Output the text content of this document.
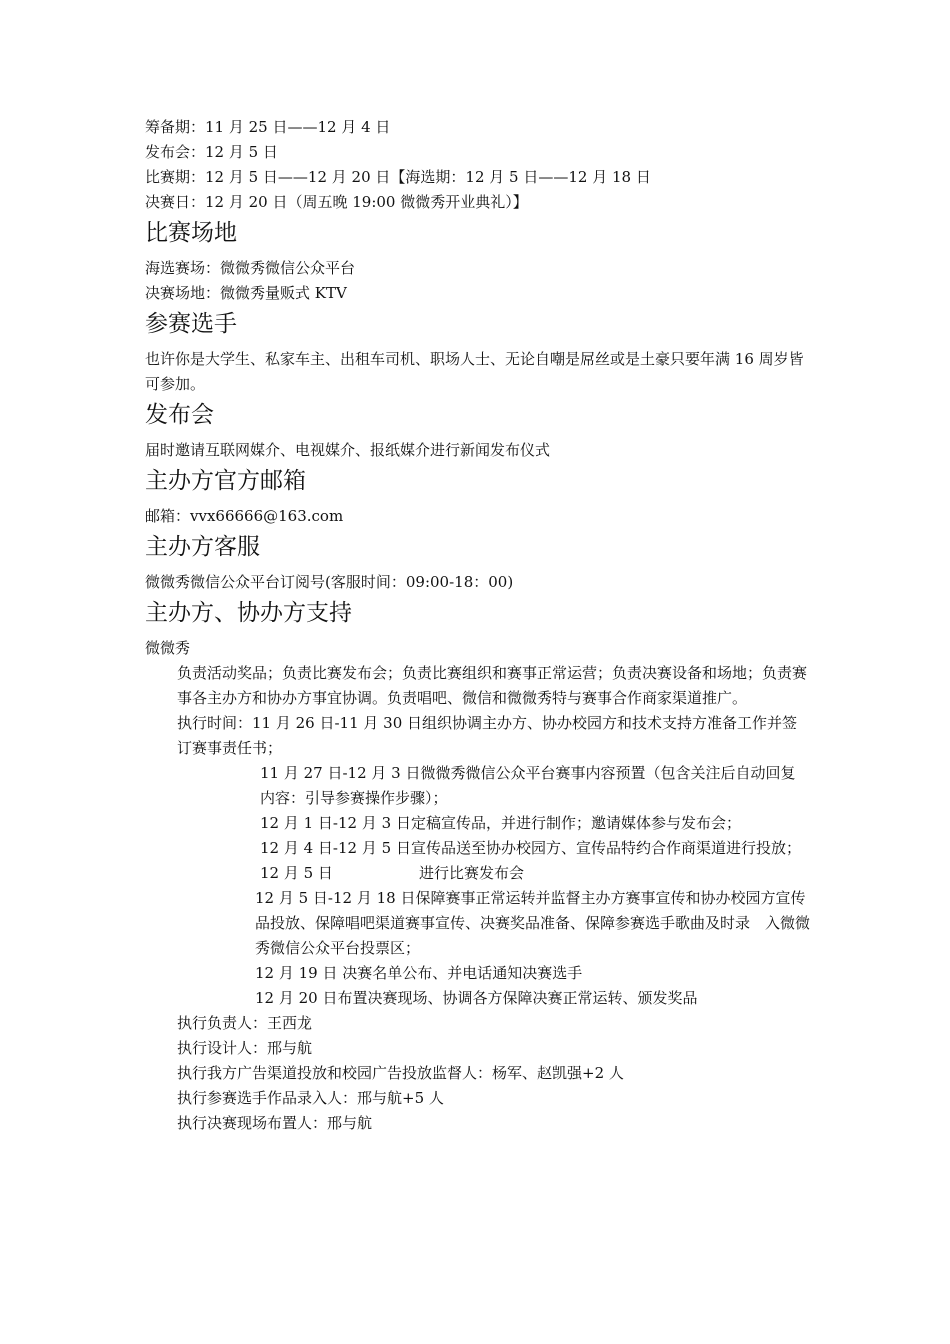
筹备期：11 月 25 日——12 月 4 日
发布会：12 月 5 日
比赛期：12 月 5 日——12 月 20 日【海选期：12 月 5 日——12 月 18 日
决赛日：12 月 20 日（周五晚 19:00 微微秀开业典礼）】
比赛场地
海选赛场：微微秀微信公众平台
决赛场地：微微秀量贩式 KTV
参赛选手
也许你是大学生、私家车主、出租车司机、职场人士、无论自嘲是屌丝或是土豪只要年满 16 周岁皆可参加。
发布会
届时邀请互联网媒介、电视媒介、报纸媒介进行新闻发布仪式
主办方官方邮箱
邮箱：vvx66666@163.com
主办方客服
微微秀微信公众平台订阅号(客服时间：09:00-18：00)
主办方、协办方支持
微微秀
负责活动奖品；负责比赛发布会；负责比赛组织和赛事正常运营；负责决赛设备和场地；负责赛事各主办方和协办方事宜协调。负责唱吧、微信和微微秀特与赛事合作商家渠道推广。
执行时间：11 月 26 日-11 月 30 日组织协调主办方、协办校园方和技术支持方准备工作并签订赛事责任书；
11 月 27 日-12 月 3 日微微秀微信公众平台赛事内容预置（包含关注后自动回复内容：引导参赛操作步骤）；
12 月 1 日-12 月 3 日定稿宣传品，并进行制作；邀请媒体参与发布会；
12 月 4 日-12 月 5 日宣传品送至协办校园方、宣传品特约合作商渠道进行投放；
12 月 5 日	进行比赛发布会
12 月 5 日-12 月 18 日保障赛事正常运转并监督主办方赛事宣传和协办校园方宣传品投放、保障唱吧渠道赛事宣传、决赛奖品准备、保障参赛选手歌曲及时录　入微微秀微信公众平台投票区；
12 月 19 日 决赛名单公布、并电话通知决赛选手
12 月 20 日布置决赛现场、协调各方保障决赛正常运转、颁发奖品
执行负责人：王西龙
执行设计人：邢与航
执行我方广告渠道投放和校园广告投放监督人：杨军、赵凯强+2 人
执行参赛选手作品录入人：邢与航+5 人
执行决赛现场布置人：邢与航
